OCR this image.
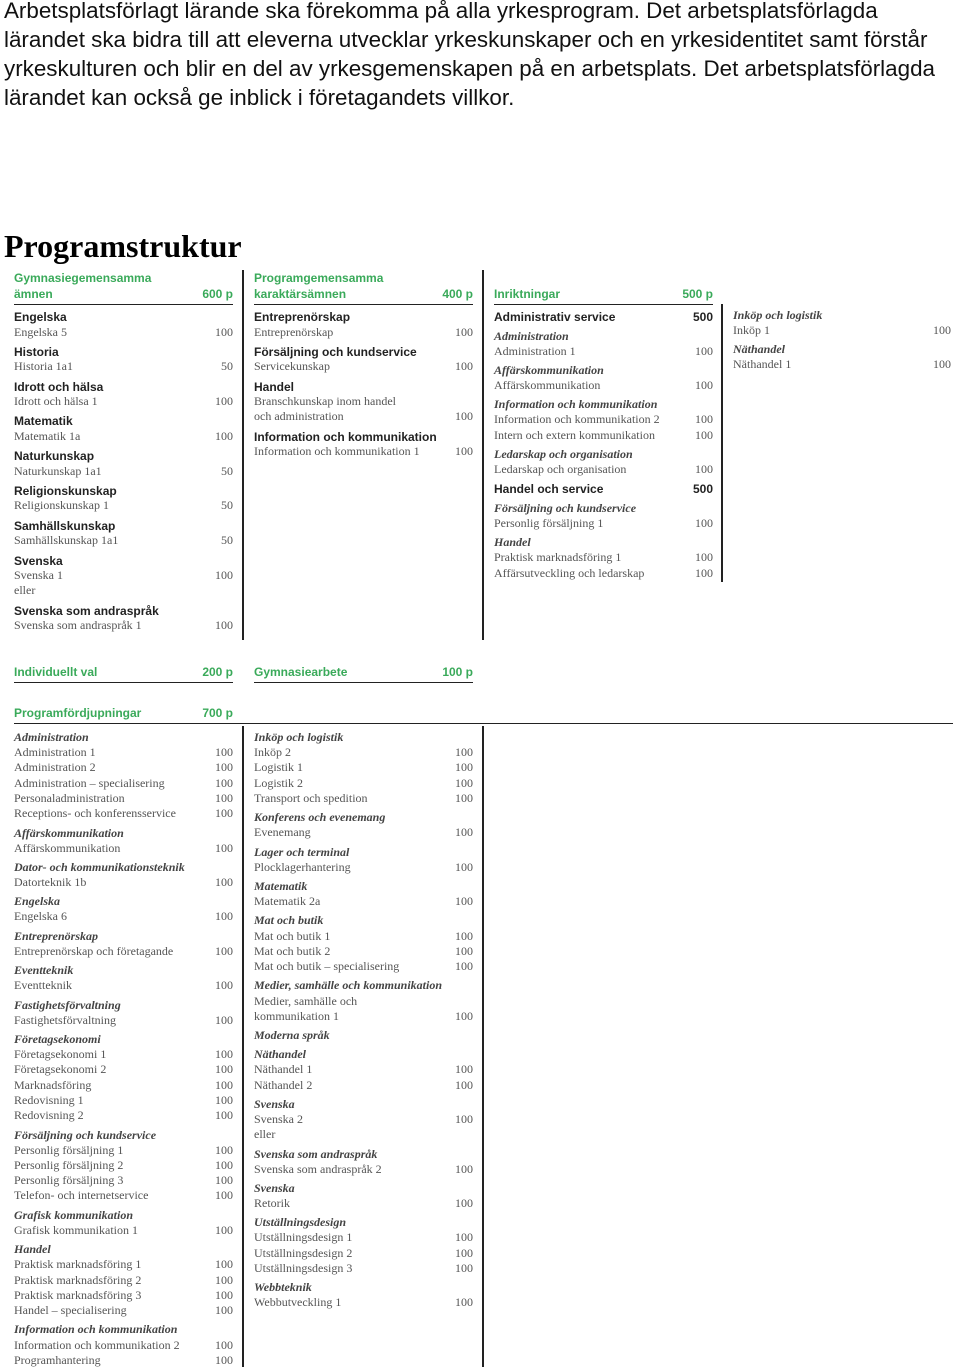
Arbetsplatsförlagt lärande ska förekomma på alla yrkesprogram. Det arbetsplatsförlagda lärandet ska bidra till att eleverna utvecklar yrkeskunskaper och en yrkesidentitet samt förstår yrkeskulturen och blir en del av yrkesgemenskapen på en arbetsplats. Det arbetsplatsförlagda lärandet kan också ge inblick i företagandets villkor.
Programstruktur
Gymnasiegemensamma ämnen	600 p
Engelska
Engelska 5	100
Historia
Historia 1a1	50
Idrott och hälsa
Idrott och hälsa 1	100
Matematik
Matematik 1a	100
Naturkunskap
Naturkunskap 1a1	50
Religionskunskap
Religionskunskap 1	50
Samhällskunskap
Samhällskunskap 1a1	50
Svenska
Svenska 1	100
eller
Svenska som andraspråk
Svenska som andraspråk 1	100
Programgemensamma karaktärsämnen	400 p
Entreprenörskap
Entreprenörskap	100
Försäljning och kundservice
Servicekunskap	100
Handel
Branschkunskap inom handel
och administration	100
Information och kommunikation
Information och kommunikation 1	100
Inriktningar	500 p
Administrativ service	500
Administration
Administration 1	100
Affärskommunikation
Affärskommunikation	100
Information och kommunikation
Information och kommunikation 2	100
Intern och extern kommunikation	100
Ledarskap och organisation
Ledarskap och organisation	100
Handel och service	500
Försäljning och kundservice
Personlig försäljning 1	100
Handel
Praktisk marknadsföring 1	100
Affärsutveckling och ledarskap	100
Inköp och logistik
Inköp 1	100
Näthandel
Näthandel 1	100
Individuellt val	200 p Gymnasiearbete	100 p
Programfördjupningar	700 p
Administration
Administration 1	100
Administration 2	100
Administration – specialisering	100
Personaladministration	100
Receptions- och konferensservice	100
Affärskommunikation
Affärskommunikation	100
Dator- och kommunikationsteknik
Datorteknik 1b	100
Engelska
Engelska 6	100
Entreprenörskap
Entreprenörskap och företagande	100
Eventteknik
Eventteknik	100
Fastighetsförvaltning
Fastighetsförvaltning	100
Företagsekonomi
Företagsekonomi 1	100
Företagsekonomi 2	100
Marknadsföring	100
Redovisning 1	100
Redovisning 2	100
Försäljning och kundservice
Personlig försäljning 1	100
Personlig försäljning 2	100
Personlig försäljning 3	100
Telefon- och internetservice	100
Grafisk kommunikation
Grafisk kommunikation 1	100
Handel
Praktisk marknadsföring 1	100
Praktisk marknadsföring 2	100
Praktisk marknadsföring 3	100
Handel – specialisering	100
Information och kommunikation
Information och kommunikation 2	100
Programhantering	100
Inköp och logistik
Inköp 2	100
Logistik 1	100
Logistik 2	100
Transport och spedition	100
Konferens och evenemang
Evenemang	100
Lager och terminal
Plocklagerhantering	100
Matematik
Matematik 2a	100
Mat och butik
Mat och butik 1	100
Mat och butik 2	100
Mat och butik – specialisering	100
Medier, samhälle och kommunikation
Medier, samhälle och
kommunikation 1	100
Moderna språk
Näthandel
Näthandel 1	100
Näthandel 2	100
Svenska
Svenska 2	100
eller
Svenska som andraspråk
Svenska som andraspråk 2	100
Svenska
Retorik	100
Utställningsdesign
Utställningsdesign 1	100
Utställningsdesign 2	100
Utställningsdesign 3	100
Webbteknik
Webbutveckling 1	100
